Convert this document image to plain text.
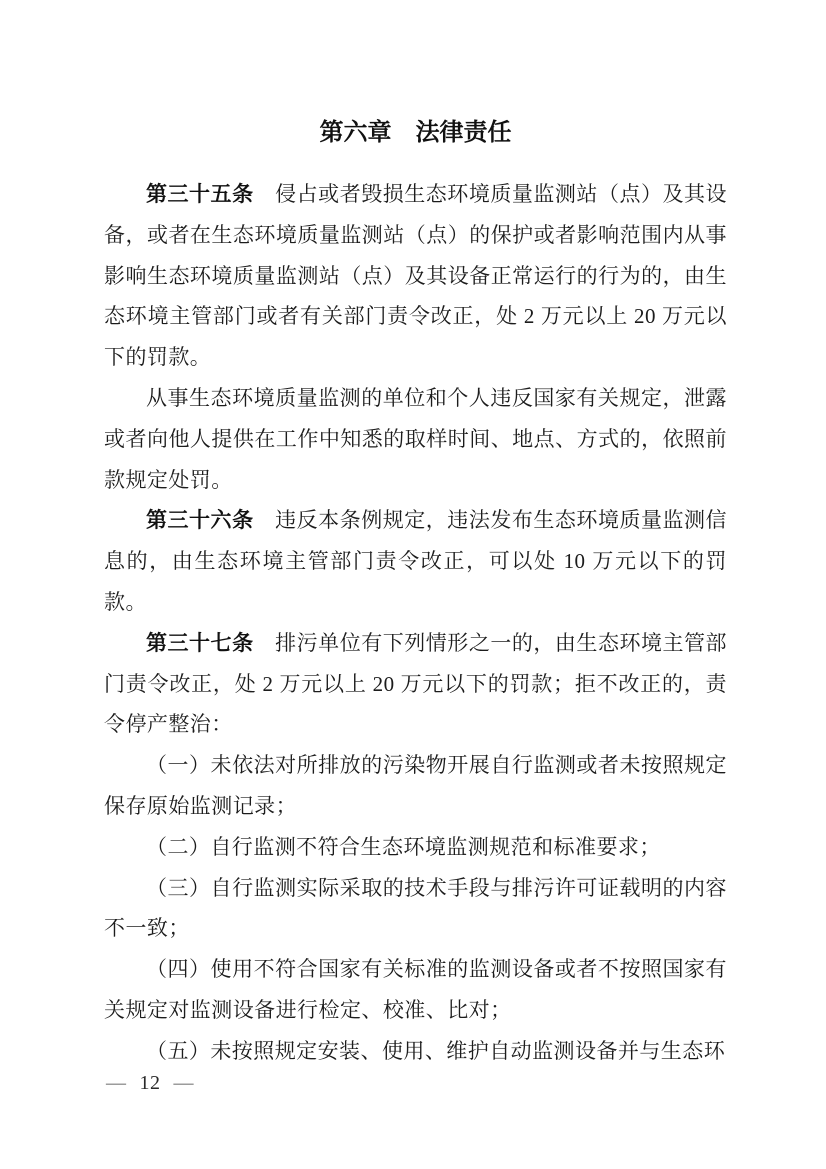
第六章　法律责任

第三十五条　侵占或者毁损生态环境质量监测站（点）及其设备，或者在生态环境质量监测站（点）的保护或者影响范围内从事影响生态环境质量监测站（点）及其设备正常运行的行为的，由生态环境主管部门或者有关部门责令改正，处 2 万元以上 20 万元以下的罚款。

从事生态环境质量监测的单位和个人违反国家有关规定，泄露或者向他人提供在工作中知悉的取样时间、地点、方式的，依照前款规定处罚。

第三十六条　违反本条例规定，违法发布生态环境质量监测信息的，由生态环境主管部门责令改正，可以处 10 万元以下的罚款。

第三十七条　排污单位有下列情形之一的，由生态环境主管部门责令改正，处 2 万元以上 20 万元以下的罚款；拒不改正的，责令停产整治：

（一）未依法对所排放的污染物开展自行监测或者未按照规定保存原始监测记录；

（二）自行监测不符合生态环境监测规范和标准要求；

（三）自行监测实际采取的技术手段与排污许可证载明的内容不一致；

（四）使用不符合国家有关标准的监测设备或者不按照国家有关规定对监测设备进行检定、校准、比对；

（五）未按照规定安装、使用、维护自动监测设备并与生态环

— 12 —
